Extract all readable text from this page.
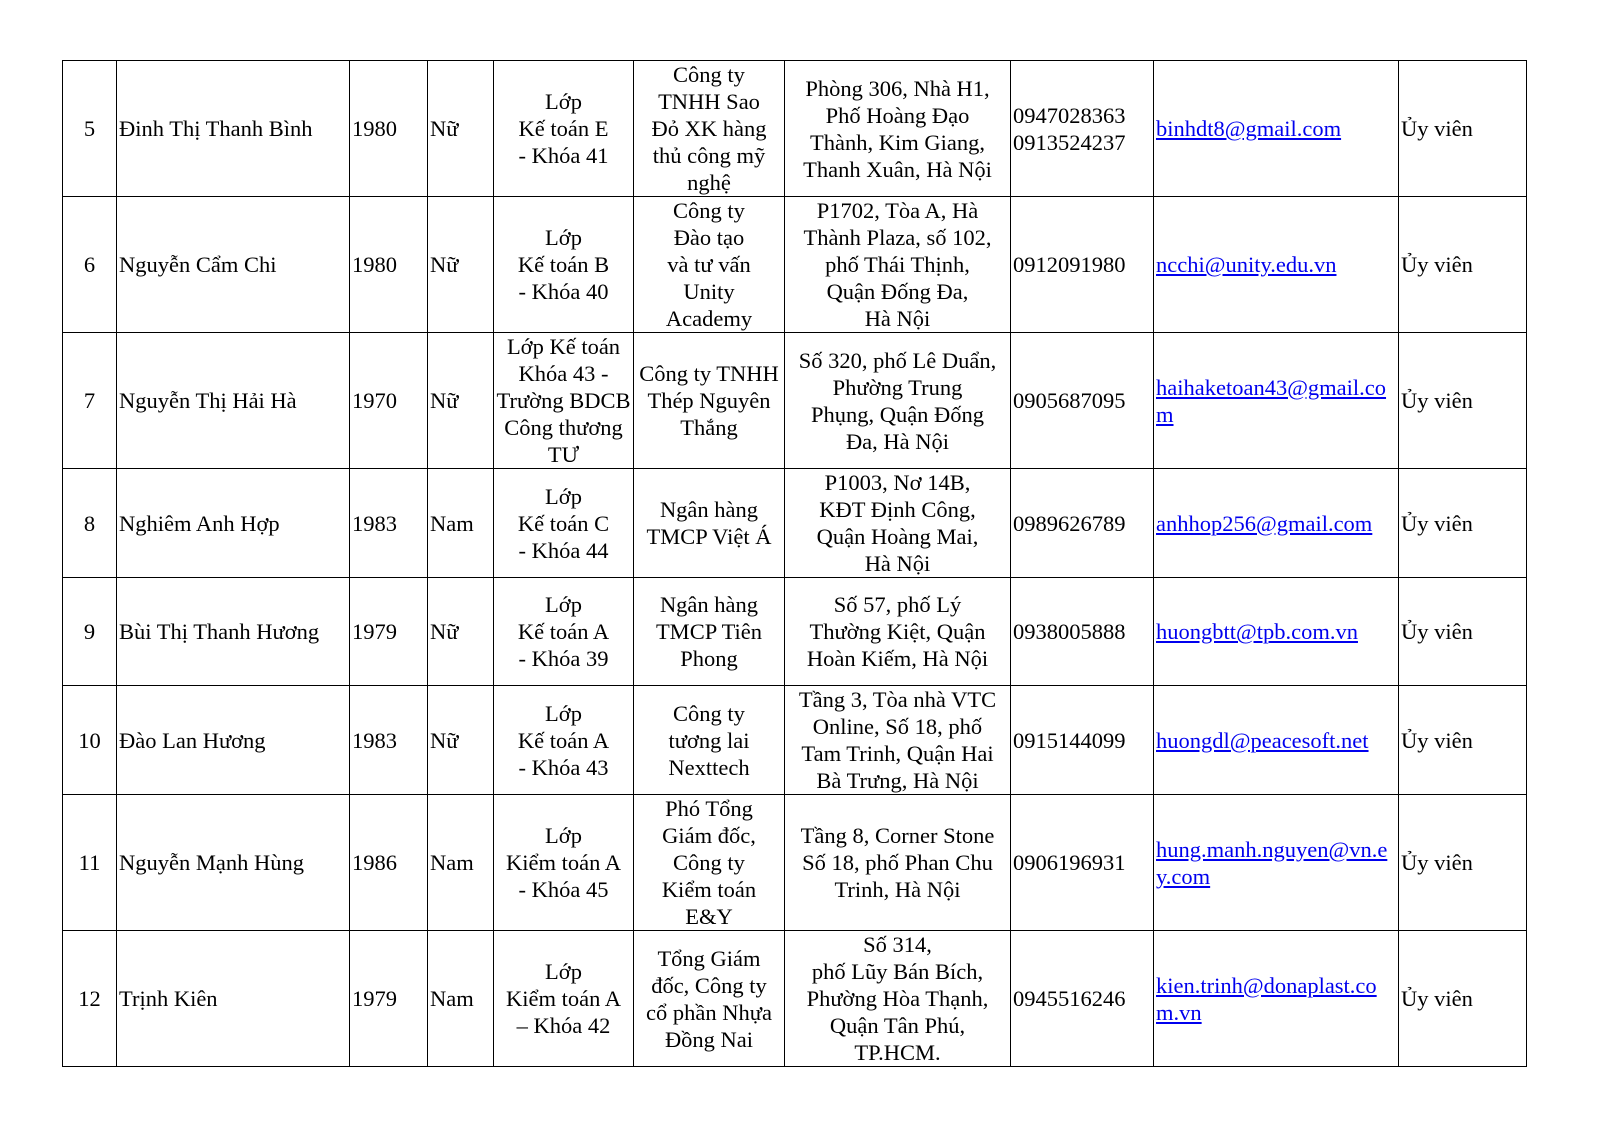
5	Đinh Thị Thanh Bình	1980	Nữ	Lớp
Kế toán E
- Khóa 41	Công ty
TNHH Sao
Đỏ XK hàng
thủ công mỹ
nghệ	Phòng 306, Nhà H1,
Phố Hoàng Đạo
Thành, Kim Giang,
Thanh Xuân, Hà Nội	0947028363
0913524237	binhdt8@gmail.com	Ủy viên
6	Nguyễn Cẩm Chi	1980	Nữ	Lớp
Kế toán B
- Khóa 40	Công ty
Đào tạo
và tư vấn
Unity
Academy	P1702, Tòa A, Hà
Thành Plaza, số 102,
phố Thái Thịnh,
Quận Đống Đa,
Hà Nội	0912091980	ncchi@unity.edu.vn	Ủy viên
7	Nguyễn Thị Hải Hà	1970	Nữ	Lớp Kế toán
Khóa 43 -
Trường BDCB
Công thương
TƯ	Công ty TNHH
Thép Nguyên
Thắng	Số 320, phố Lê Duẩn,
Phường Trung
Phụng, Quận Đống
Đa, Hà Nội	0905687095	haihaketoan43@gmail.com	Ủy viên
8	Nghiêm Anh Hợp	1983	Nam	Lớp
Kế toán C
- Khóa 44	Ngân hàng
TMCP Việt Á	P1003, Nơ 14B,
KĐT Định Công,
Quận Hoàng Mai,
Hà Nội	0989626789	anhhop256@gmail.com	Ủy viên
9	Bùi Thị Thanh Hương	1979	Nữ	Lớp
Kế toán A
- Khóa 39	Ngân hàng
TMCP Tiên
Phong	Số 57, phố Lý
Thường Kiệt, Quận
Hoàn Kiếm, Hà Nội	0938005888	huongbtt@tpb.com.vn	Ủy viên
10	Đào Lan Hương	1983	Nữ	Lớp
Kế toán A
- Khóa 43	Công ty
tương lai
Nexttech	Tầng 3, Tòa nhà VTC
Online, Số 18, phố
Tam Trinh, Quận Hai
Bà Trưng, Hà Nội	0915144099	huongdl@peacesoft.net	Ủy viên
11	Nguyễn Mạnh Hùng	1986	Nam	Lớp
Kiểm toán A
- Khóa 45	Phó Tổng
Giám đốc,
Công ty
Kiểm toán
E&Y	Tầng 8, Corner Stone
Số 18, phố Phan Chu
Trinh, Hà Nội	0906196931	hung.manh.nguyen@vn.ey.com	Ủy viên
12	Trịnh Kiên	1979	Nam	Lớp
Kiểm toán A
– Khóa 42	Tổng Giám
đốc, Công ty
cổ phần Nhựa
Đồng Nai	Số 314,
phố Lũy Bán Bích,
Phường Hòa Thạnh,
Quận Tân Phú,
TP.HCM.	0945516246	kien.trinh@donaplast.com.vn	Ủy viên
